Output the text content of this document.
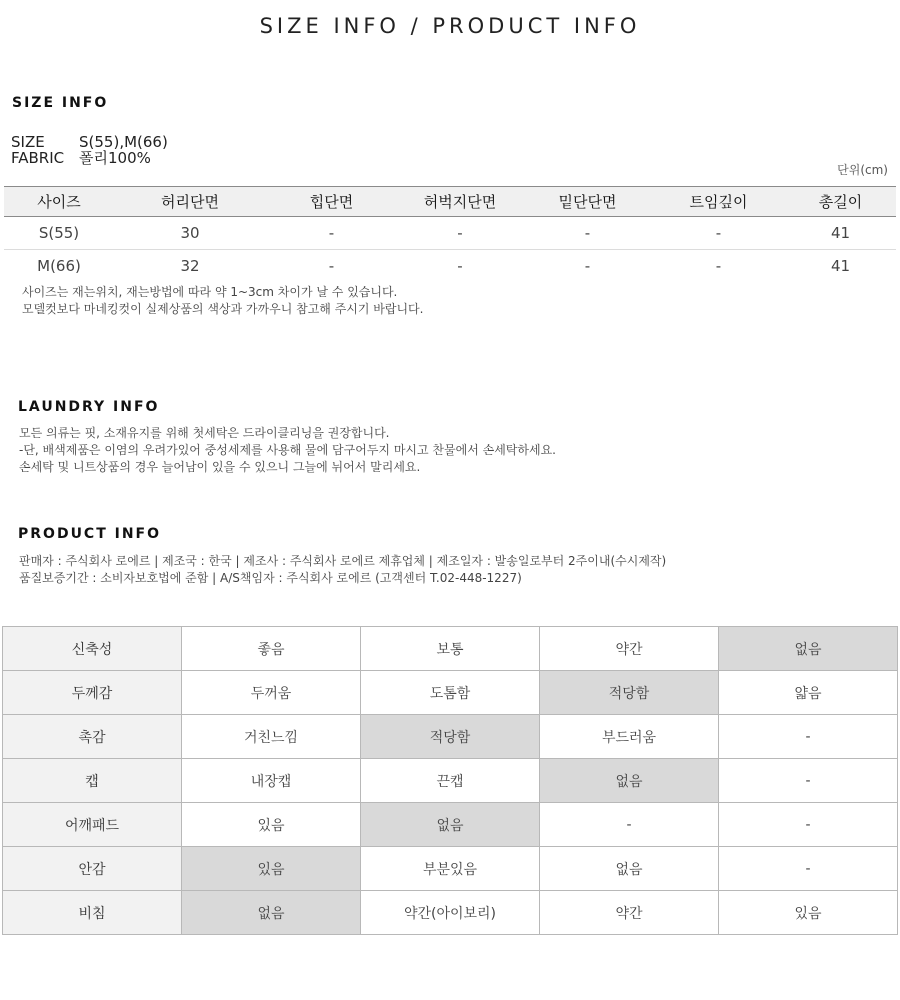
SIZE INFO / PRODUCT INFO
SIZE INFO
SIZE S(55),M(66)
FABRIC 폴리100%
단위(cm)
사이즈	허리단면	힙단면	허벅지단면	밑단단면	트임깊이	총길이
S(55)	30	-	-	-	-	41
M(66)	32	-	-	-	-	41
사이즈는 재는위치, 재는방법에 따라 약 1~3cm 차이가 날 수 있습니다.
모델컷보다 마네킹컷이 실제상품의 색상과 가까우니 참고해 주시기 바랍니다.
LAUNDRY INFO
모든 의류는 핏, 소재유지를 위해 첫세탁은 드라이클리닝을 권장합니다.
-단, 배색제품은 이염의 우려가있어 중성세제를 사용해 물에 담구어두지 마시고 찬물에서 손세탁하세요.
손세탁 및 니트상품의 경우 늘어남이 있을 수 있으니 그늘에 뉘어서 말리세요.
PRODUCT INFO
판매자 : 주식회사 로에르 | 제조국 : 한국 | 제조사 : 주식회사 로에르 제휴업체 | 제조일자 : 발송일로부터 2주이내(수시제작)
품질보증기간 : 소비자보호법에 준함 | A/S책임자 : 주식회사 로에르 (고객센터 T.02-448-1227)
신축성	좋음	보통	약간	없음
두께감	두꺼움	도톰함	적당함	얇음
촉감	거친느낌	적당함	부드러움	-
캡	내장캡	끈캡	없음	-
어깨패드	있음	없음	-	-
안감	있음	부분있음	없음	-
비침	없음	약간(아이보리)	약간	있음
